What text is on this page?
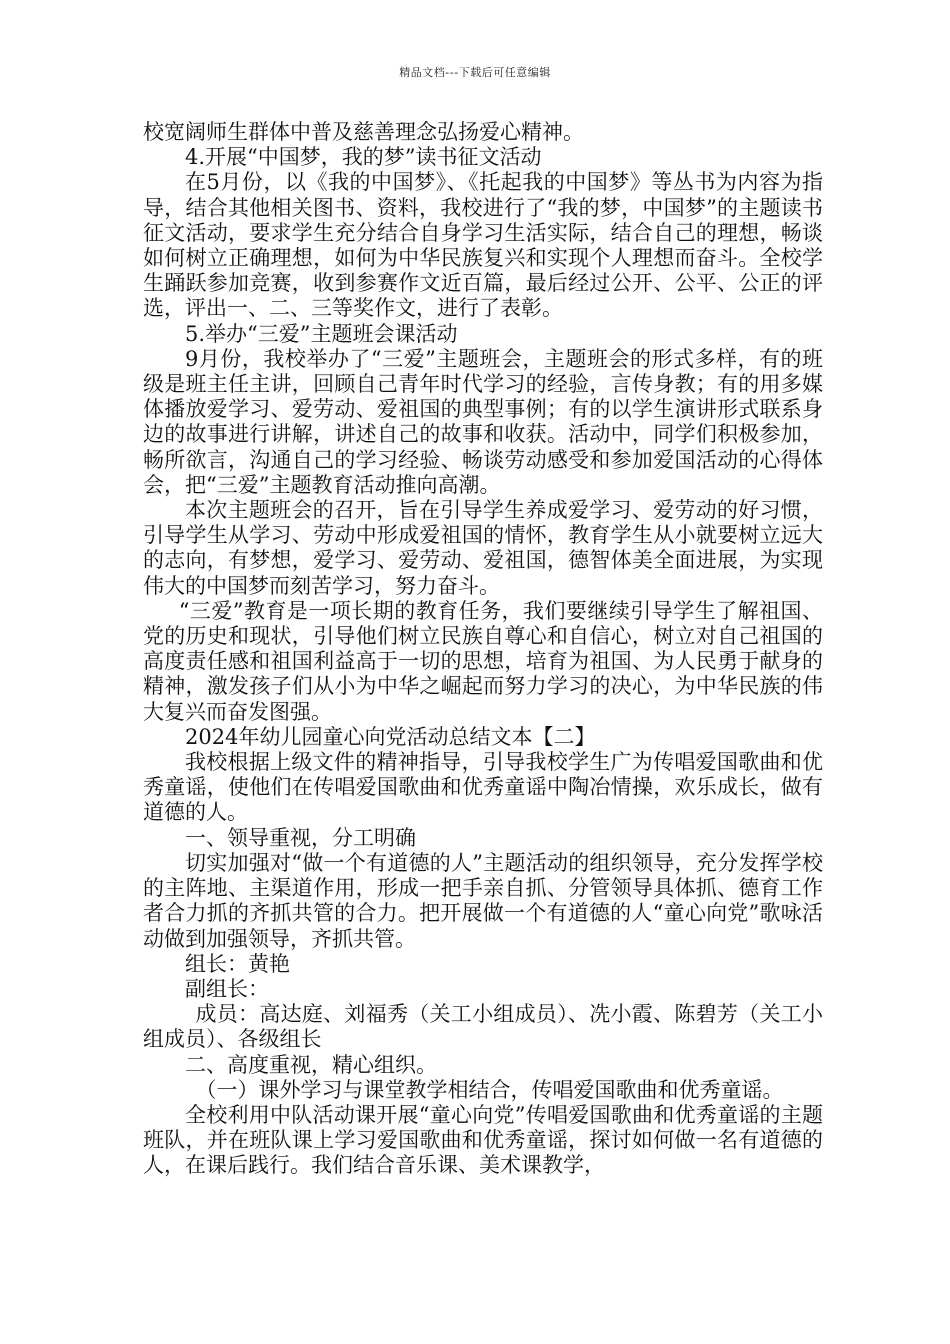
精品文档---下载后可任意编辑

校宽阔师生群体中普及慈善理念弘扬爱心精神。

4.开展“中国梦，我的梦”读书征文活动

在5月份，以《我的中国梦》、《托起我的中国梦》等丛书为内容为指导，结合其他相关图书、资料，我校进行了“我的梦，中国梦”的主题读书征文活动，要求学生充分结合自身学习生活实际，结合自己的理想，畅谈如何树立正确理想，如何为中华民族复兴和实现个人理想而奋斗。全校学生踊跃参加竞赛，收到参赛作文近百篇，最后经过公开、公平、公正的评选，评出一、二、三等奖作文，进行了表彰。

5.举办“三爱”主题班会课活动

9月份，我校举办了“三爱”主题班会，主题班会的形式多样，有的班级是班主任主讲，回顾自己青年时代学习的经验，言传身教；有的用多媒体播放爱学习、爱劳动、爱祖国的典型事例；有的以学生演讲形式联系身边的故事进行讲解，讲述自己的故事和收获。活动中，同学们积极参加，畅所欲言，沟通自己的学习经验、畅谈劳动感受和参加爱国活动的心得体会，把“三爱”主题教育活动推向高潮。

本次主题班会的召开，旨在引导学生养成爱学习、爱劳动的好习惯，引导学生从学习、劳动中形成爱祖国的情怀，教育学生从小就要树立远大的志向，有梦想，爱学习、爱劳动、爱祖国，德智体美全面进展，为实现伟大的中国梦而刻苦学习，努力奋斗。

“三爱”教育是一项长期的教育任务，我们要继续引导学生了解祖国、党的历史和现状，引导他们树立民族自尊心和自信心，树立对自己祖国的高度责任感和祖国利益高于一切的思想，培育为祖国、为人民勇于献身的精神，激发孩子们从小为中华之崛起而努力学习的决心，为中华民族的伟大复兴而奋发图强。

2024年幼儿园童心向党活动总结文本【二】

我校根据上级文件的精神指导，引导我校学生广为传唱爱国歌曲和优秀童谣，使他们在传唱爱国歌曲和优秀童谣中陶冶情操，欢乐成长，做有道德的人。

一、领导重视，分工明确

切实加强对“做一个有道德的人”主题活动的组织领导，充分发挥学校的主阵地、主渠道作用，形成一把手亲自抓、分管领导具体抓、德育工作者合力抓的齐抓共管的合力。把开展做一个有道德的人“童心向党”歌咏活动做到加强领导，齐抓共管。

组长：黄艳

副组长：

成员：高达庭、刘福秀（关工小组成员）、冼小霞、陈碧芳（关工小组成员）、各级组长

二、高度重视，精心组织。

（一）课外学习与课堂教学相结合，传唱爱国歌曲和优秀童谣。

全校利用中队活动课开展“童心向党”传唱爱国歌曲和优秀童谣的主题班队，并在班队课上学习爱国歌曲和优秀童谣，探讨如何做一名有道德的人，在课后践行。我们结合音乐课、美术课教学，
